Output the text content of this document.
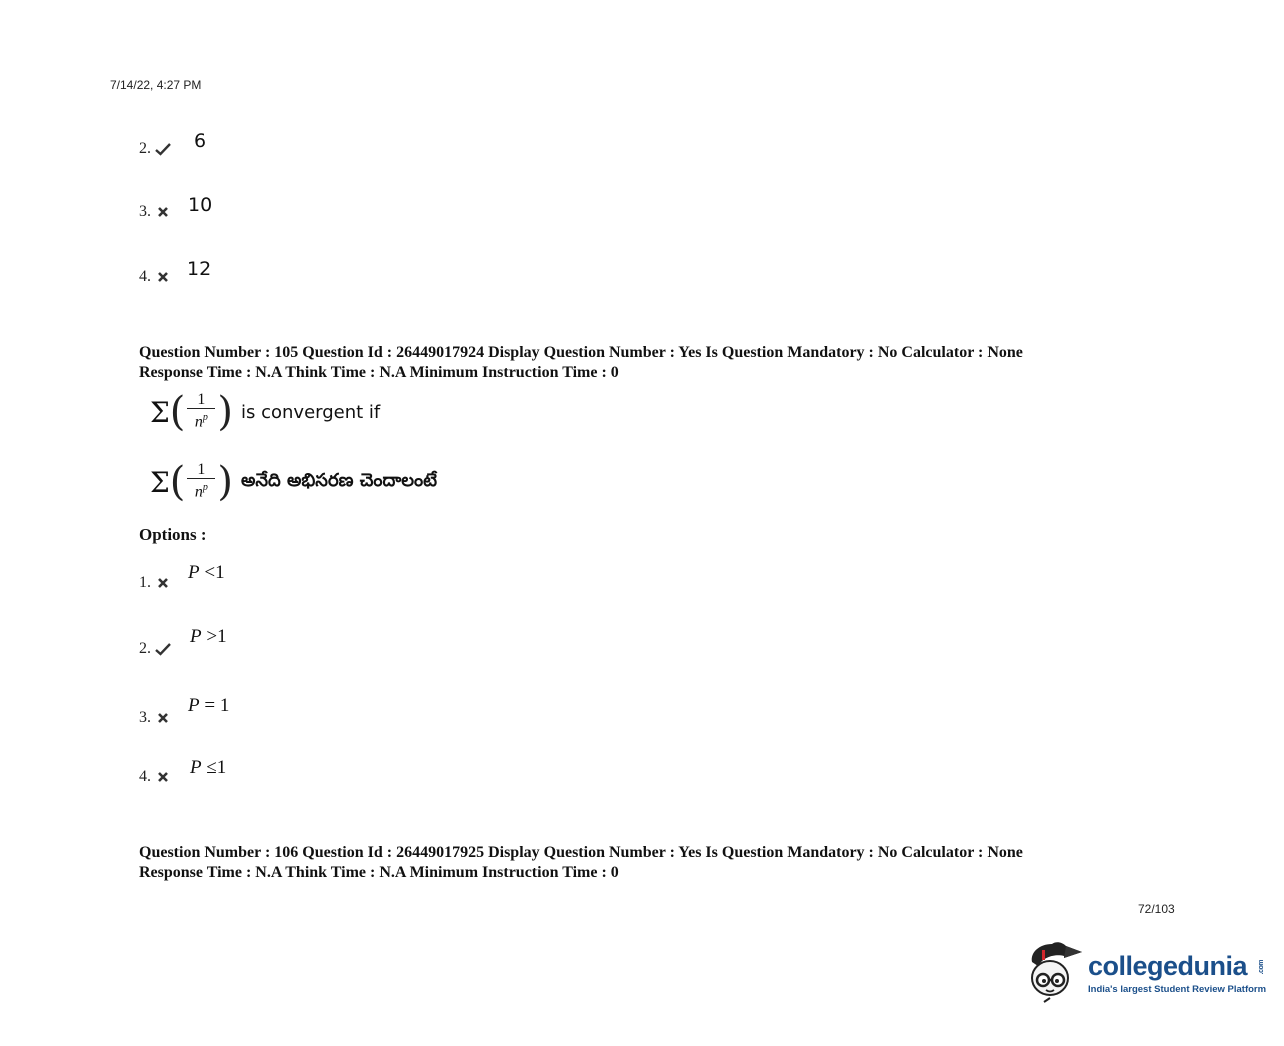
7/14/22, 4:27 PM
2.	6
3.	10
4.	12
Question Number : 105 Question Id : 26449017924 Display Question Number : Yes Is Question Mandatory : No Calculator : None
Response Time : N.A Think Time : N.A Minimum Instruction Time : 0
Σ ( $\frac{1}{n^p}$ ) is convergent if
Σ ( $\frac{1}{n^p}$ ) అనేది అభిసరణ చెందాలంటే
Options :
1.	P <1
2.
P >1
3.
P = 1
4.	P ≤1
Question Number : 106 Question Id : 26449017925 Display Question Number : Yes Is Question Mandatory : No Calculator : None
Response Time : N.A Think Time : N.A Minimum Instruction Time : 0
72/103
collegedunia .com
India's largest Student Review Platform
